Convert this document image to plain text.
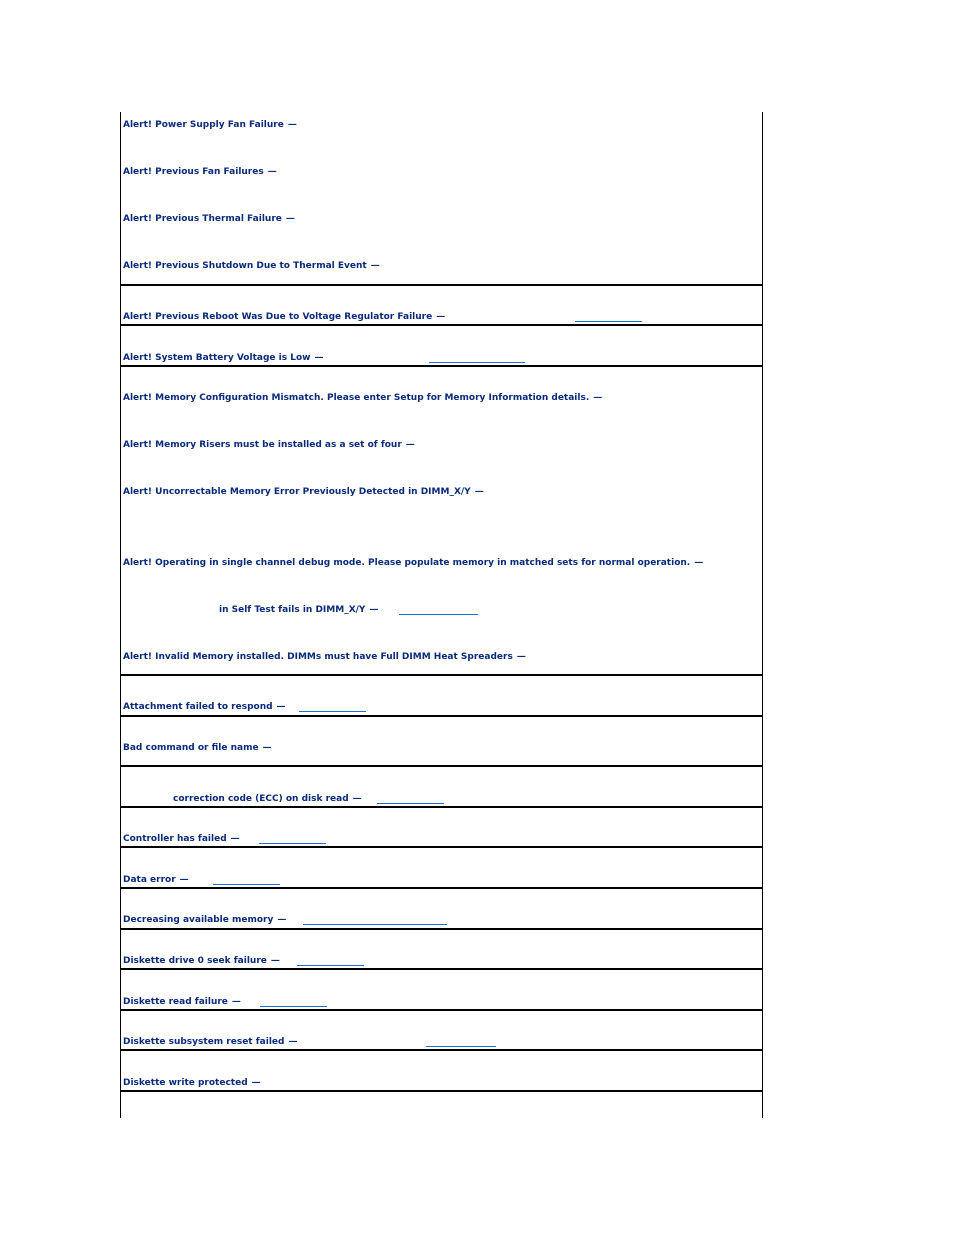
Alert! Power Supply Fan Failure —
Alert! Previous Fan Failures —
Alert! Previous Thermal Failure —
Alert! Previous Shutdown Due to Thermal Event —
Alert! Previous Reboot Was Due to Voltage Regulator Failure —
Alert! System Battery Voltage is Low —
Alert! Memory Configuration Mismatch. Please enter Setup for Memory Information details. —
Alert! Memory Risers must be installed as a set of four —
Alert! Uncorrectable Memory Error Previously Detected in DIMM_X/Y —
Alert! Operating in single channel debug mode. Please populate memory in matched sets for normal operation. —
in Self Test fails in DIMM_X/Y —
Alert! Invalid Memory installed. DIMMs must have Full DIMM Heat Spreaders —
Attachment failed to respond —
Bad command or file name —
correction code (ECC) on disk read —
Controller has failed —
Data error —
Decreasing available memory —
Diskette drive 0 seek failure —
Diskette read failure —
Diskette subsystem reset failed —
Diskette write protected —
